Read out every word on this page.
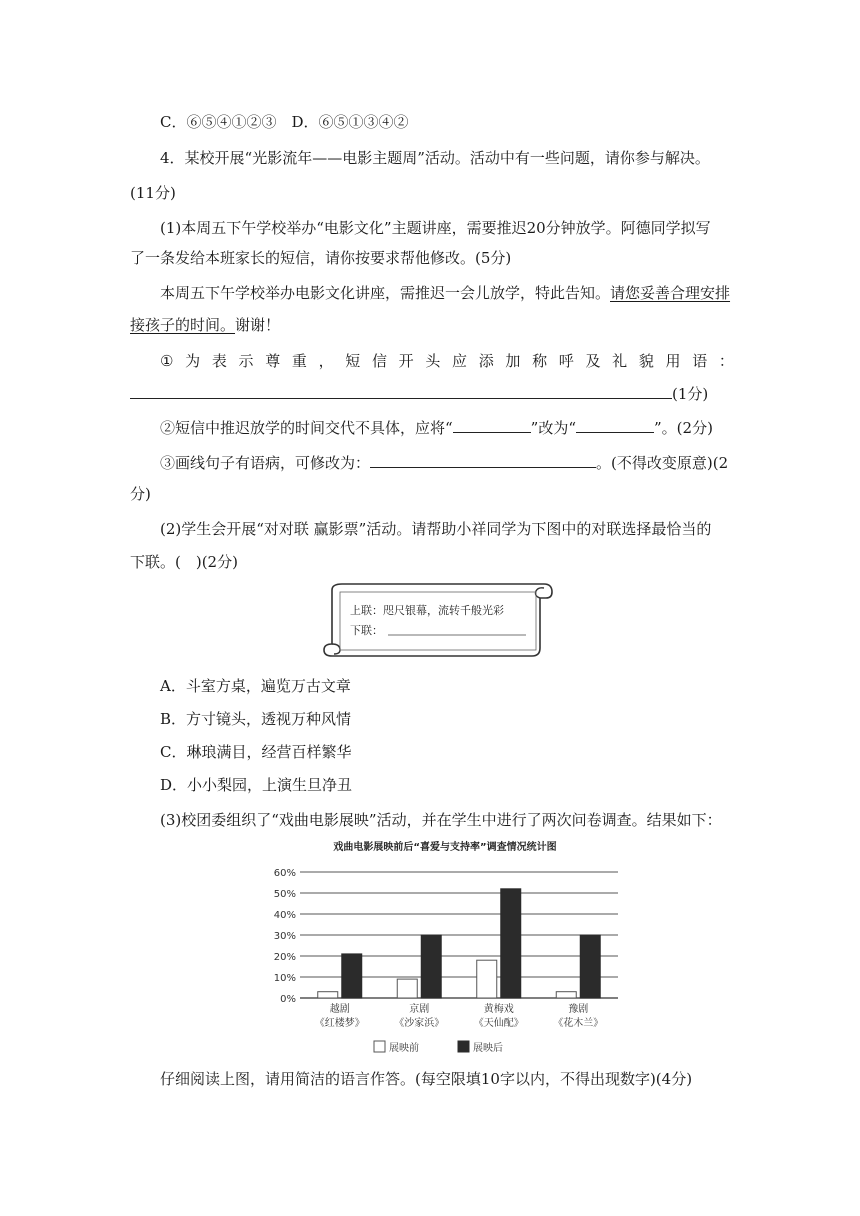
C．⑥⑤④①②③　D．⑥⑤①③④②
4．某校开展“光影流年——电影主题周”活动。活动中有一些问题，请你参与解决。
(11分)
(1)本周五下午学校举办“电影文化”主题讲座，需要推迟20分钟放学。阿德同学拟写
了一条发给本班家长的短信，请你按要求帮他修改。(5分)
本周五下午学校举办电影文化讲座，需推迟一会儿放学，特此告知。请您妥善合理安排
接孩子的时间。谢谢！
① 为 表 示 尊 重 ， 短 信 开 头 应 添 加 称 呼 及 礼 貌 用 语 ：
(1分)
②短信中推迟放学的时间交代不具体，应将“	”改为“	”。(2分)
③画线句子有语病，可修改为：	。(不得改变原意)(2
分)
(2)学生会开展“对对联 赢影票”活动。请帮助小祥同学为下图中的对联选择最恰当的
下联。(　)(2分)
上联：咫尺银幕，流转千般光彩
下联：
A．斗室方桌，遍览万古文章
B．方寸镜头，透视万种风情
C．琳琅满目，经营百样繁华
D．小小梨园，上演生旦净丑
(3)校团委组织了“戏曲电影展映”活动，并在学生中进行了两次问卷调查。结果如下：
戏曲电影展映前后“喜爱与支持率”调查情况统计图
0%
10%
20%
30%
40%
50%
60%
越剧
《红楼梦》
京剧
《沙家浜》
黄梅戏
《天仙配》
豫剧
《花木兰》
展映前	展映后
仔细阅读上图，请用简洁的语言作答。(每空限填10字以内，不得出现数字)(4分)
